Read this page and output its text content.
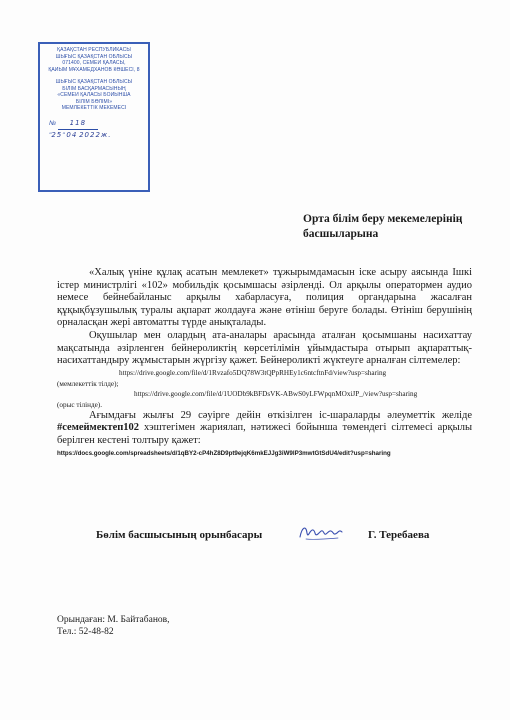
ҚАЗАҚСТАН РЕСПУБЛИКАСЫ
ШЫҒЫС ҚАЗАҚСТАН ОБЛЫСЫ
071400, СЕМЕЙ ҚАЛАСЫ,
ҚАЙЫМ МҰХАМЕДХАНОВ КӨШЕСІ, 8
ШЫҒЫС ҚАЗАҚСТАН ОБЛЫСЫ
БІЛІМ БАСҚАРМАСЫНЫҢ
«СЕМЕЙ ҚАЛАСЫ БОЙЫНША
БІЛІМ БӨЛІМІ»
МЕМЛЕКЕТТІК МЕКЕМЕСІ
№ 118
"25" 04 2022ж.
Орта білім беру мекемелерінің басшыларына

«Халық үніне құлақ асатын мемлекет» тұжырымдамасын іске асыру аясында Ішкі істер министрлігі «102» мобильдік қосымшасы әзірленді. Ол арқылы оператормен аудио немесе бейнебайланыс арқылы хабарласуға, полиция органдарына жасалған құқықбұзушылық туралы ақпарат жолдауға және өтініш беруге болады. Өтініш берушінің орналасқан жері автоматты түрде анықталады.

Оқушылар мен олардың ата-аналары арасында аталған қосымшаны насихаттау мақсатында әзірленген бейнероликтің көрсетілімін ұйымдастыра отырып ақпараттық-насихаттандыру жұмыстарын жүргізу қажет. Бейнероликті жүктеуге арналған сілтемелер:

https://drive.google.com/file/d/1Rvzafo5DQ78W3tQPpRHEy1c6ntcftnFd/view?usp=sharing
(мемлекеттік тілде);
https://drive.google.com/file/d/1UODb9kBFDsVK-ABwS0yLFWpqnMOxiJP_/view?usp=sharing
(орыс тілінде).

Ағымдағы жылғы 29 сәуірге дейін өткізілген іс-шараларды әлеуметтік желіде #семеймектеп102 хэштегімен жариялап, нәтижесі бойынша төмендегі сілтемесі арқылы берілген кестені толтыру қажет:

https://docs.google.com/spreadsheets/d/1qBY2-cP4hZ8D9pt9ejqK6mkEJJg3iW9lP3mwtGtSdU4/edit?usp=sharing
Бөлім басшысының орынбасары	Г. Теребаева
Орындаған: М. Байтабанов,
Тел.: 52-48-82
